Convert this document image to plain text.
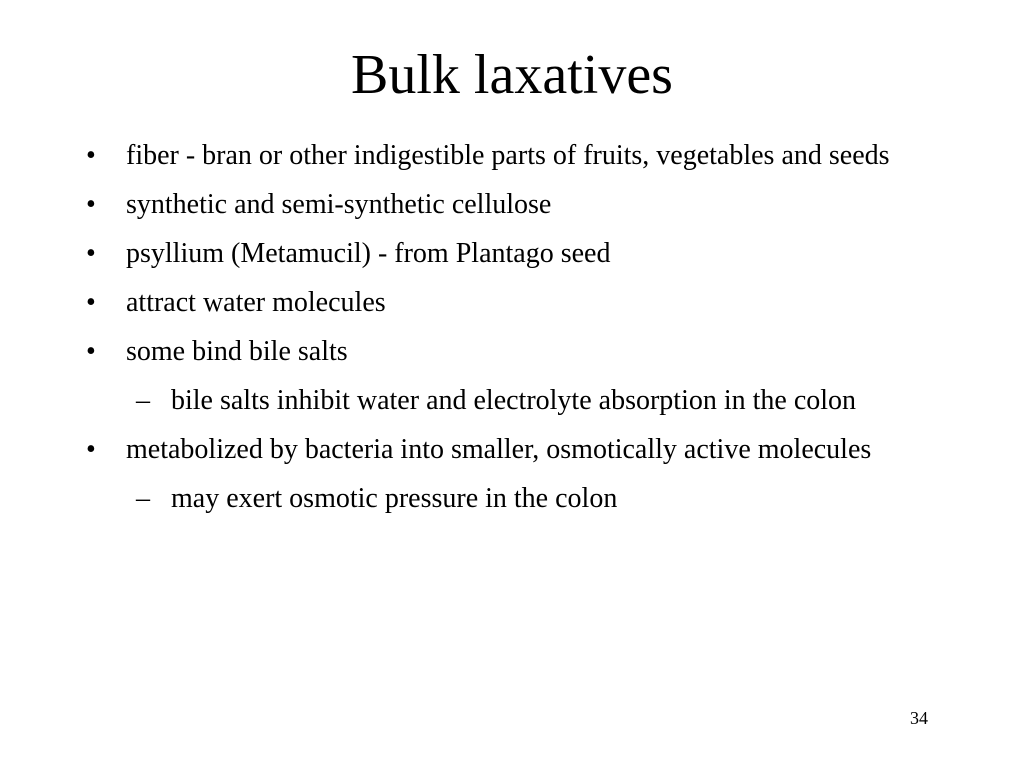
Bulk laxatives
• fiber - bran or other indigestible parts of fruits, vegetables and seeds
• synthetic and semi-synthetic cellulose
• psyllium (Metamucil) - from Plantago seed
• attract water molecules
• some bind bile salts
– bile salts inhibit water and electrolyte absorption in the colon
• metabolized by bacteria into smaller, osmotically active molecules
– may exert osmotic pressure in the colon
34
